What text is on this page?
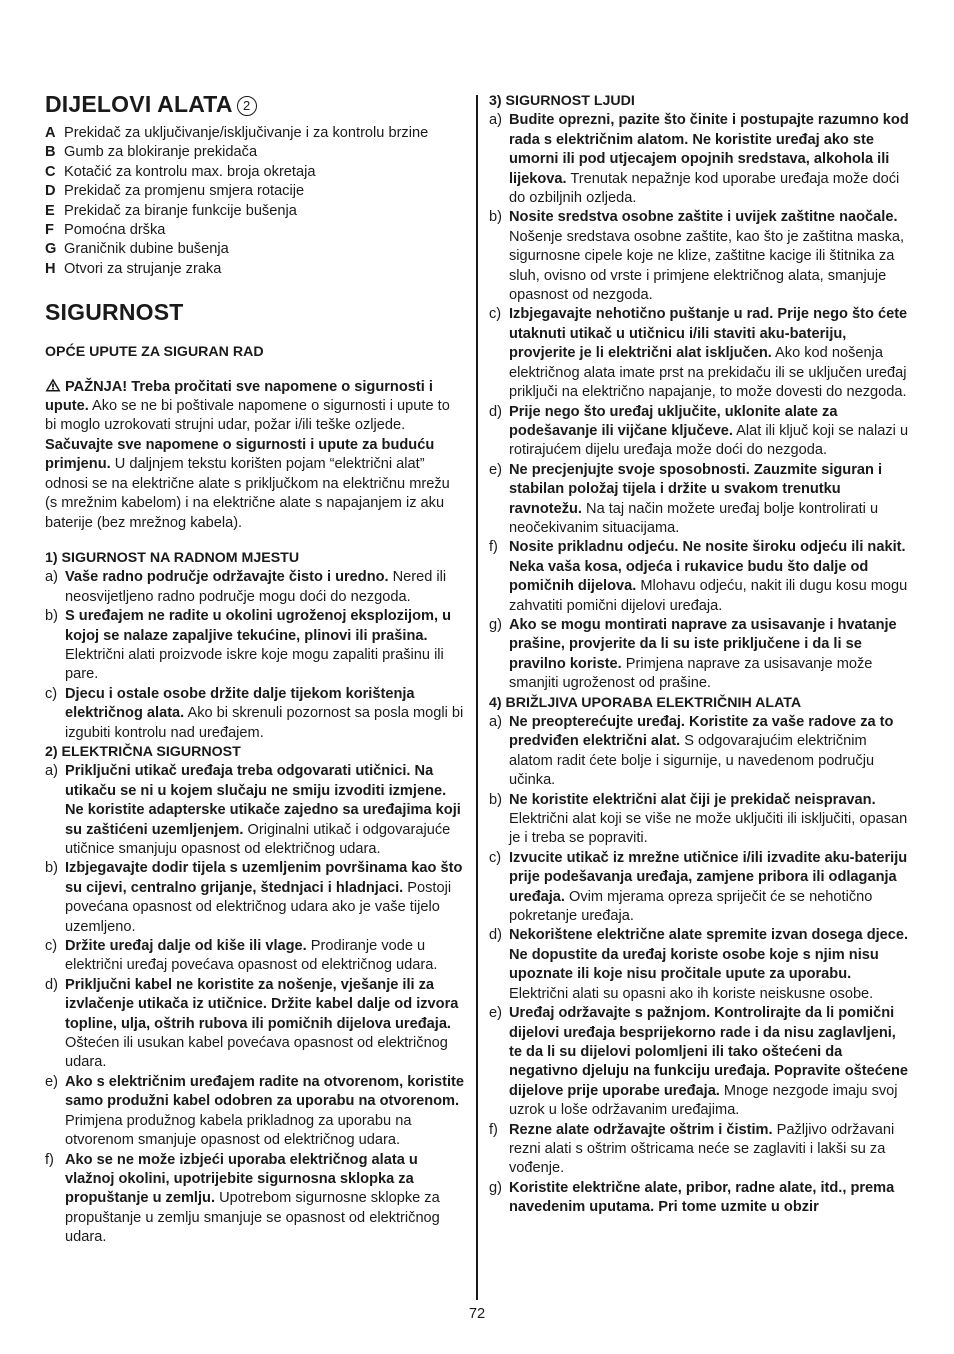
DIJELOVI ALATA 2
A Prekidač za uključivanje/isključivanje i za kontrolu brzine
B Gumb za blokiranje prekidača
C Kotačić za kontrolu max. broja okretaja
D Prekidač za promjenu smjera rotacije
E Prekidač za biranje funkcije bušenja
F Pomoćna drška
G Graničnik dubine bušenja
H Otvori za strujanje zraka
SIGURNOST

OPĆE UPUTE ZA SIGURAN RAD

PAŽNJA! Treba pročitati sve napomene o sigurnosti i upute. Ako se ne bi poštivale napomene o sigurnosti i upute to bi moglo uzrokovati strujni udar, požar i/ili teške ozljede. Sačuvajte sve napomene o sigurnosti i upute za buduću primjenu. U daljnjem tekstu korišten pojam “električni alat” odnosi se na električne alate s priključkom na električnu mrežu (s mrežnim kabelom) i na električne alate s napajanjem iz aku baterije (bez mrežnog kabela).

1) SIGURNOST NA RADNOM MJESTU

a) Vaše radno područje održavajte čisto i uredno. Nered ili neosvijetljeno radno područje mogu doći do nezgoda.
b) S uređajem ne radite u okolini ugroženoj eksplozijom, u kojoj se nalaze zapaljive tekućine, plinovi ili prašina. Električni alati proizvode iskre koje mogu zapaliti prašinu ili pare.
c) Djecu i ostale osobe držite dalje tijekom korištenja električnog alata. Ako bi skrenuli pozornost sa posla mogli bi izgubiti kontrolu nad uređajem.

2) ELEKTRIČNA SIGURNOST

a) Priključni utikač uređaja treba odgovarati utičnici. Na utikaču se ni u kojem slučaju ne smiju izvoditi izmjene. Ne koristite adapterske utikače zajedno sa uređajima koji su zaštićeni uzemljenjem. Originalni utikač i odgovarajuće utičnice smanjuju opasnost od električnog udara.
b) Izbjegavajte dodir tijela s uzemljenim površinama kao što su cijevi, centralno grijanje, štednjaci i hladnjaci. Postoji povećana opasnost od električnog udara ako je vaše tijelo uzemljeno.
c) Držite uređaj dalje od kiše ili vlage. Prodiranje vode u električni uređaj povećava opasnost od električnog udara.
d) Priključni kabel ne koristite za nošenje, vješanje ili za izvlačenje utikača iz utičnice. Držite kabel dalje od izvora topline, ulja, oštrih rubova ili pomičnih dijelova uređaja. Oštećen ili usukan kabel povećava opasnost od električnog udara.
e) Ako s električnim uređajem radite na otvorenom, koristite samo produžni kabel odobren za uporabu na otvorenom. Primjena produžnog kabela prikladnog za uporabu na otvorenom smanjuje opasnost od električnog udara.
f) Ako se ne može izbjeći uporaba električnog alata u vlažnoj okolini, upotrijebite sigurnosna sklopka za propuštanje u zemlju. Upotrebom sigurnosne sklopke za propuštanje u zemlju smanjuje se opasnost od električnog udara.

3) SIGURNOST LJUDI

a) Budite oprezni, pazite što činite i postupajte razumno kod rada s električnim alatom. Ne koristite uređaj ako ste umorni ili pod utjecajem opojnih sredstava, alkohola ili lijekova. Trenutak nepažnje kod uporabe uređaja može doći do ozbiljnih ozljeda.
b) Nosite sredstva osobne zaštite i uvijek zaštitne naočale. Nošenje sredstava osobne zaštite, kao što je zaštitna maska, sigurnosne cipele koje ne klize, zaštitne kacige ili štitnika za sluh, ovisno od vrste i primjene električnog alata, smanjuje opasnost od nezgoda.
c) Izbjegavajte nehotično puštanje u rad. Prije nego što ćete utaknuti utikač u utičnicu i/ili staviti aku-bateriju, provjerite je li električni alat isključen. Ako kod nošenja električnog alata imate prst na prekidaču ili se uključen uređaj priključi na električno napajanje, to može dovesti do nezgoda.
d) Prije nego što uređaj uključite, uklonite alate za podešavanje ili vijčane ključeve. Alat ili ključ koji se nalazi u rotirajućem dijelu uređaja može doći do nezgoda.
e) Ne precjenjujte svoje sposobnosti. Zauzmite siguran i stabilan položaj tijela i držite u svakom trenutku ravnotežu. Na taj način možete uređaj bolje kontrolirati u neočekivanim situacijama.
f) Nosite prikladnu odjeću. Ne nosite široku odjeću ili nakit. Neka vaša kosa, odjeća i rukavice budu što dalje od pomičnih dijelova. Mlohavu odjeću, nakit ili dugu kosu mogu zahvatiti pomični dijelovi uređaja.
g) Ako se mogu montirati naprave za usisavanje i hvatanje prašine, provjerite da li su iste priključene i da li se pravilno koriste. Primjena naprave za usisavanje može smanjiti ugroženost od prašine.

4) BRIŽLJIVA UPORABA ELEKTRIČNIH ALATA

a) Ne preopterećujte uređaj. Koristite za vaše radove za to predviđen električni alat. S odgovarajućim električnim alatom radit ćete bolje i sigurnije, u navedenom području učinka.
b) Ne koristite električni alat čiji je prekidač neispravan. Električni alat koji se više ne može uključiti ili isključiti, opasan je i treba se popraviti.
c) Izvucite utikač iz mrežne utičnice i/ili izvadite aku-bateriju prije podešavanja uređaja, zamjene pribora ili odlaganja uređaja. Ovim mjerama opreza spriječit će se nehotično pokretanje uređaja.
d) Nekorištene električne alate spremite izvan dosega djece. Ne dopustite da uređaj koriste osobe koje s njim nisu upoznate ili koje nisu pročitale upute za uporabu. Električni alati su opasni ako ih koriste neiskusne osobe.
e) Uređaj održavajte s pažnjom. Kontrolirajte da li pomični dijelovi uređaja besprijekorno rade i da nisu zaglavljeni, te da li su dijelovi polomljeni ili tako oštećeni da negativno djeluju na funkciju uređaja. Popravite oštećene dijelove prije uporabe uređaja. Mnoge nezgode imaju svoj uzrok u loše održavanim uređajima.
f) Rezne alate održavajte oštrim i čistim. Pažljivo održavani rezni alati s oštrim oštricama neće se zaglaviti i lakši su za vođenje.
g) Koristite električne alate, pribor, radne alate, itd., prema navedenim uputama. Pri tome uzmite u obzir
72
